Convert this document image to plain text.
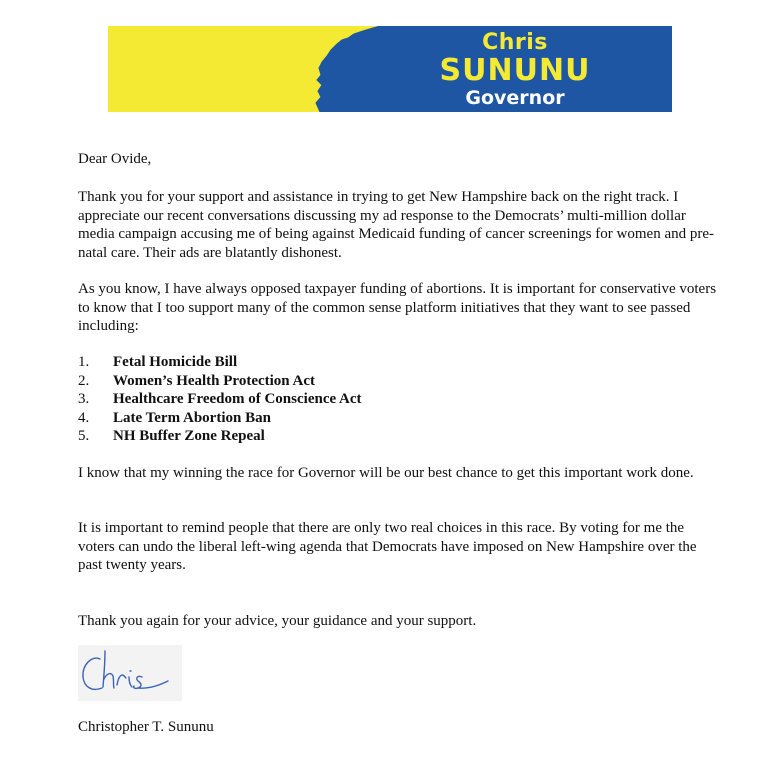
Chris
SUNUNU
Governor

Dear Ovide,

Thank you for your support and assistance in trying to get New Hampshire back on the right track. I appreciate our recent conversations discussing my ad response to the Democrats’ multi-million dollar media campaign accusing me of being against Medicaid funding of cancer screenings for women and pre-natal care. Their ads are blatantly dishonest.

As you know, I have always opposed taxpayer funding of abortions. It is important for conservative voters to know that I too support many of the common sense platform initiatives that they want to see passed including:

1.	Fetal Homicide Bill
2.	Women’s Health Protection Act
3.	Healthcare Freedom of Conscience Act
4.	Late Term Abortion Ban
5.	NH Buffer Zone Repeal

I know that my winning the race for Governor will be our best chance to get this important work done.

It is important to remind people that there are only two real choices in this race. By voting for me the voters can undo the liberal left-wing agenda that Democrats have imposed on New Hampshire over the past twenty years.

Thank you again for your advice, your guidance and your support.

Christopher T. Sununu
